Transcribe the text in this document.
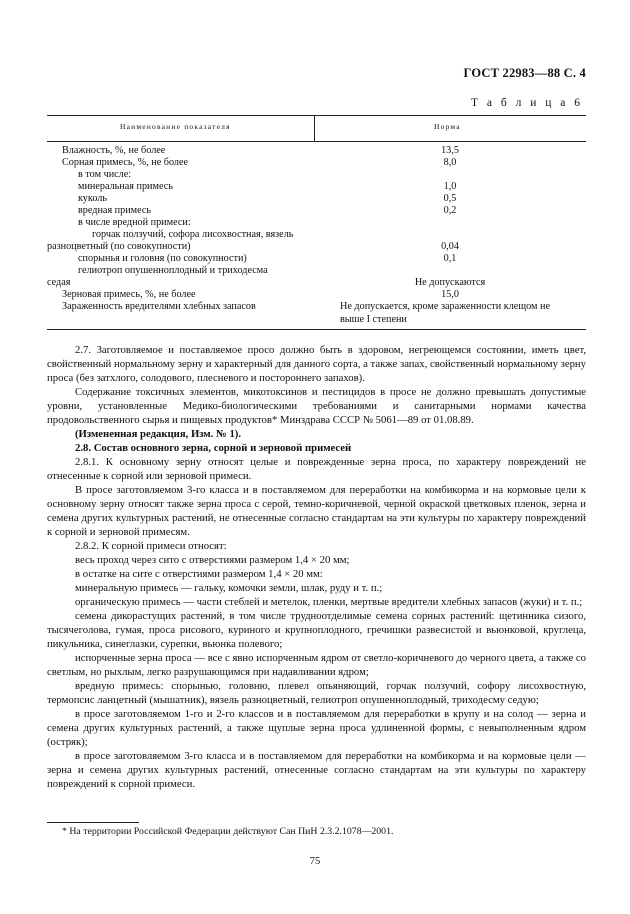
ГОСТ 22983—88 С. 4
Т а б л и ц а 6
Наименование показателя	Норма
Влажность, %, не более	13,5
Сорная примесь, %, не более	8,0
в том числе:
минеральная примесь	1,0
куколь	0,5
вредная примесь	0,2
в числе вредной примеси:
горчак ползучий, софора лисохвостная, вязель
разноцветный (по совокупности)	0,04
спорынья и головня (по совокупности)	0,1
гелиотроп опушенноплодный и триходесма
седая	Не допускаются
Зерновая примесь, %, не более	15,0
Зараженность вредителями хлебных запасов	Не допускается, кроме зараженности клещом не
выше I степени

2.7. Заготовляемое и поставляемое просо должно быть в здоровом, негреющемся состоянии, иметь цвет, свойственный нормальному зерну и характерный для данного сорта, а также запах, свойственный нормальному зерну проса (без затхлого, солодового, плесневого и постороннего запахов).

Содержание токсичных элементов, микотоксинов и пестицидов в просе не должно превышать допустимые уровни, установленные Медико-биологическими требованиями и санитарными нормами качества продовольственного сырья и пищевых продуктов* Минздрава СССР № 5061—89 от 01.08.89.

(Измененная редакция, Изм. № 1).

2.8. Состав основного зерна, сорной и зерновой примесей

2.8.1. К основному зерну относят целые и поврежденные зерна проса, по характеру повреждений не отнесенные к сорной или зерновой примеси.

В просе заготовляемом 3-го класса и в поставляемом для переработки на комбикорма и на кормовые цели к основному зерну относят также зерна проса с серой, темно-коричневой, черной окраской цветковых пленок, зерна и семена других культурных растений, не отнесенные согласно стандартам на эти культуры по характеру повреждений к сорной и зерновой примесям.

2.8.2. К сорной примеси относят:

весь проход через сито с отверстиями размером 1,4 × 20 мм;

в остатке на сите с отверстиями размером 1,4 × 20 мм:

минеральную примесь — гальку, комочки земли, шлак, руду и т. п.;

органическую примесь — части стеблей и метелок, пленки, мертвые вредители хлебных запасов (жуки) и т. п.;

семена дикорастущих растений, в том числе трудноотделимые семена сорных растений: щетинника сизого, тысячеголова, гумая, проса рисового, куриного и крупноплодного, гречишки развесистой и вьюнковой, круглеца, пикульника, синеглазки, сурепки, вьюнка полевого;

испорченные зерна проса — все с явно испорченным ядром от светло-коричневого до черного цвета, а также со светлым, но рыхлым, легко разрушающимся при надавливании ядром;

вредную примесь: спорынью, головню, плевел опьяняющий, горчак ползучий, софору лисохвостную, термопсис ланцетный (мышатник), вязель разноцветный, гелиотроп опушенноплодный, триходесму седую;

в просе заготовляемом 1-го и 2-го классов и в поставляемом для переработки в крупу и на солод — зерна и семена других культурных растений, а также щуплые зерна проса удлиненной формы, с невыполненным ядром (остряк);

в просе заготовляемом 3-го класса и в поставляемом для переработки на комбикорма и на кормовые цели — зерна и семена других культурных растений, отнесенные согласно стандартам на эти культуры по характеру повреждений к сорной примеси.

* На территории Российской Федерации действуют Сан ПиН 2.3.2.1078—2001.
75
